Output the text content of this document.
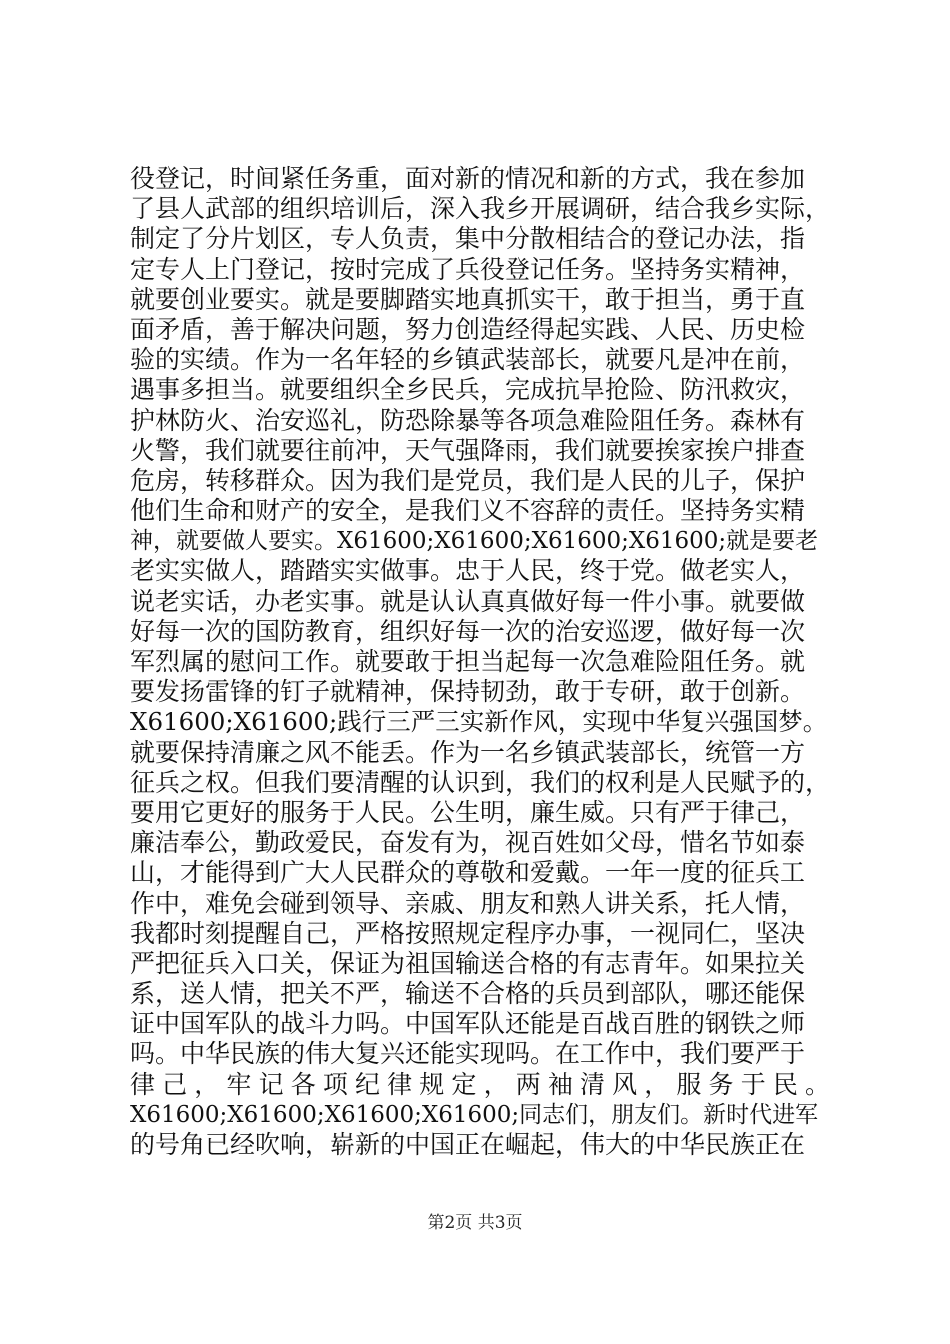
役登记，时间紧任务重，面对新的情况和新的方式，我在参加
了县人武部的组织培训后，深入我乡开展调研，结合我乡实际，
制定了分片划区，专人负责，集中分散相结合的登记办法，指
定专人上门登记，按时完成了兵役登记任务。坚持务实精神，
就要创业要实。就是要脚踏实地真抓实干，敢于担当，勇于直
面矛盾，善于解决问题，努力创造经得起实践、人民、历史检
验的实绩。作为一名年轻的乡镇武装部长，就要凡是冲在前，
遇事多担当。就要组织全乡民兵，完成抗旱抢险、防汛救灾，
护林防火、治安巡礼，防恐除暴等各项急难险阻任务。森林有
火警，我们就要往前冲，天气强降雨，我们就要挨家挨户排查
危房，转移群众。因为我们是党员，我们是人民的儿子，保护
他们生命和财产的安全，是我们义不容辞的责任。坚持务实精
神，就要做人要实。X61600;X61600;X61600;X61600;就是要老
老实实做人，踏踏实实做事。忠于人民，终于党。做老实人，
说老实话，办老实事。就是认认真真做好每一件小事。就要做
好每一次的国防教育，组织好每一次的治安巡逻，做好每一次
军烈属的慰问工作。就要敢于担当起每一次急难险阻任务。就
要发扬雷锋的钉子就精神，保持韧劲，敢于专研，敢于创新。
X61600;X61600;践行三严三实新作风，实现中华复兴强国梦。
就要保持清廉之风不能丢。作为一名乡镇武装部长，统管一方
征兵之权。但我们要清醒的认识到，我们的权利是人民赋予的，
要用它更好的服务于人民。公生明，廉生威。只有严于律己，
廉洁奉公，勤政爱民，奋发有为，视百姓如父母，惜名节如泰
山，才能得到广大人民群众的尊敬和爱戴。一年一度的征兵工
作中，难免会碰到领导、亲戚、朋友和熟人讲关系，托人情，
我都时刻提醒自己，严格按照规定程序办事，一视同仁，坚决
严把征兵入口关，保证为祖国输送合格的有志青年。如果拉关
系，送人情，把关不严，输送不合格的兵员到部队，哪还能保
证中国军队的战斗力吗。中国军队还能是百战百胜的钢铁之师
吗。中华民族的伟大复兴还能实现吗。在工作中，我们要严于
律己，牢记各项纪律规定，两袖清风，服务于民。
X61600;X61600;X61600;X61600;同志们，朋友们。新时代进军
的号角已经吹响，崭新的中国正在崛起，伟大的中华民族正在
第2页 共3页
